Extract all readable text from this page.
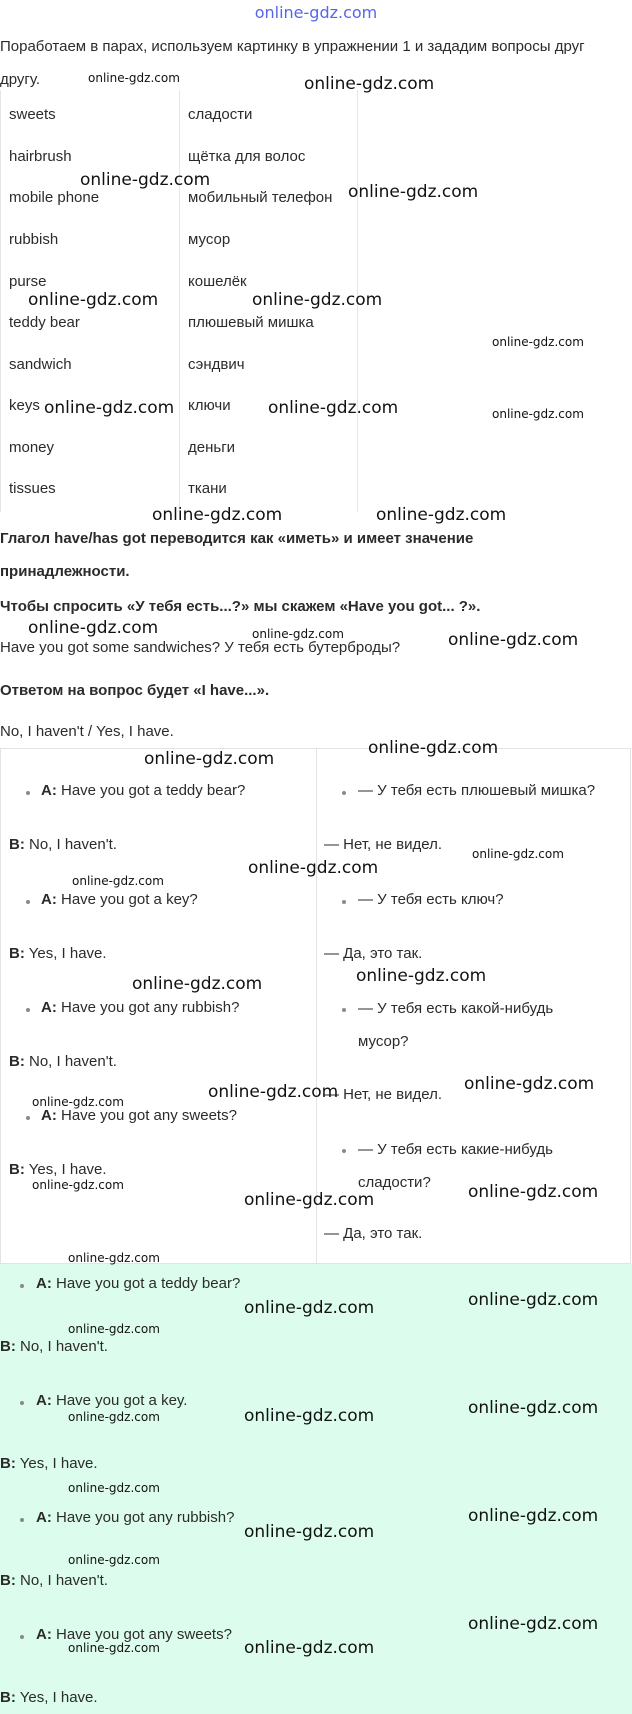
online-gdz.com

Поработаем в парах, используем картинку в упражнении 1 и зададим вопросы друг другу.

sweets	сладости
hairbrush	щётка для волос
mobile phone	мобильный телефон
rubbish	мусор
purse	кошелёк
teddy bear	плюшевый мишка
sandwich	сэндвич
keys	ключи
money	деньги
tissues	ткани

Глагол have/has got переводится как «иметь» и имеет значение принадлежности.

Чтобы спросить «У тебя есть...?» мы скажем «Have you got... ?».

Have you got some sandwiches? У тебя есть бутерброды?

Ответом на вопрос будет «I have...».

No, I haven't / Yes, I have.

A: Have you got a teddy bear?
B: No, I haven't.
A: Have you got a key?
B: Yes, I have.
A: Have you got any rubbish?
B: No, I haven't.
A: Have you got any sweets?
B: Yes, I have.
— У тебя есть плюшевый мишка?
— Нет, не видел.
— У тебя есть ключ?
— Да, это так.
— У тебя есть какой-нибудь мусор?
— Нет, не видел.
— У тебя есть какие-нибудь сладости?
— Да, это так.
A: Have you got a teddy bear?
B: No, I haven't.
A: Have you got a key.
B: Yes, I have.
A: Have you got any rubbish?
B: No, I haven't.
A: Have you got any sweets?
B: Yes, I have.
online-gdz.com	online-gdz.com
online-gdz.com
online-gdz.com
online-gdz.com	online-gdz.com
online-gdz.com
online-gdz.com	online-gdz.com	online-gdz.com
online-gdz.com	online-gdz.com
online-gdz.com	online-gdz.com	online-gdz.com
online-gdz.com
online-gdz.com
online-gdz.com
online-gdz.com
online-gdz.com
online-gdz.com	online-gdz.com
online-gdz.com
online-gdz.com
online-gdz.com
online-gdz.com	online-gdz.com
online-gdz.com
online-gdz.com
online-gdz.com
online-gdz.com
online-gdz.com
online-gdz.com
online-gdz.com
online-gdz.com
online-gdz.com
online-gdz.com
online-gdz.com
online-gdz.com
online-gdz.com
online-gdz.com
online-gdz.com
